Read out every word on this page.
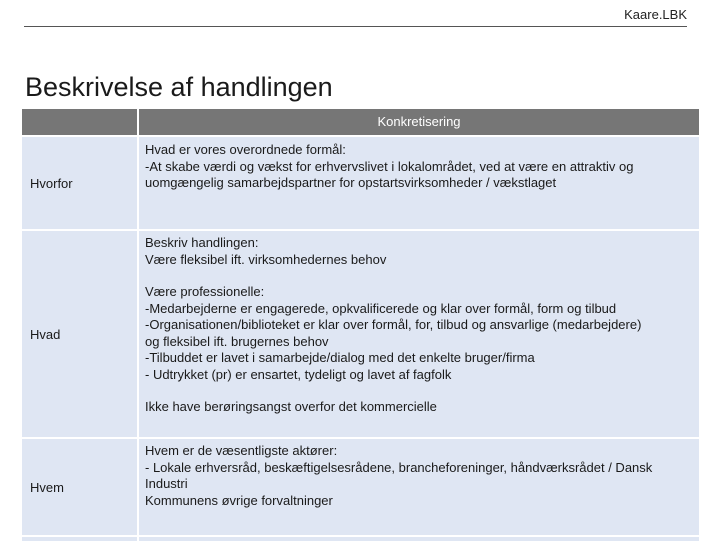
Kaare.LBK
Beskrivelse af handlingen
Konkretisering
Hvorfor
Hvad er vores overordnede formål:
-At skabe værdi og vækst for erhvervslivet i lokalområdet, ved at være en attraktiv og
uomgængelig samarbejdspartner for opstartsvirksomheder / vækstlaget
Hvad
Beskriv handlingen:
Være fleksibel ift. virksomhedernes behov
Være professionelle:
-Medarbejderne er engagerede, opkvalificerede og klar over formål, form og tilbud
-Organisationen/biblioteket er klar over formål, for, tilbud og ansvarlige (medarbejdere)
og fleksibel ift. brugernes behov
-Tilbuddet er lavet i samarbejde/dialog med det enkelte bruger/firma
- Udtrykket (pr) er ensartet, tydeligt og lavet af fagfolk
Ikke have berøringsangst overfor det kommercielle
Hvem
Hvem er de væsentligste aktører:
- Lokale erhversråd, beskæftigelsesrådene, brancheforeninger, håndværksrådet / Dansk
Industri
Kommunens øvrige forvaltninger
